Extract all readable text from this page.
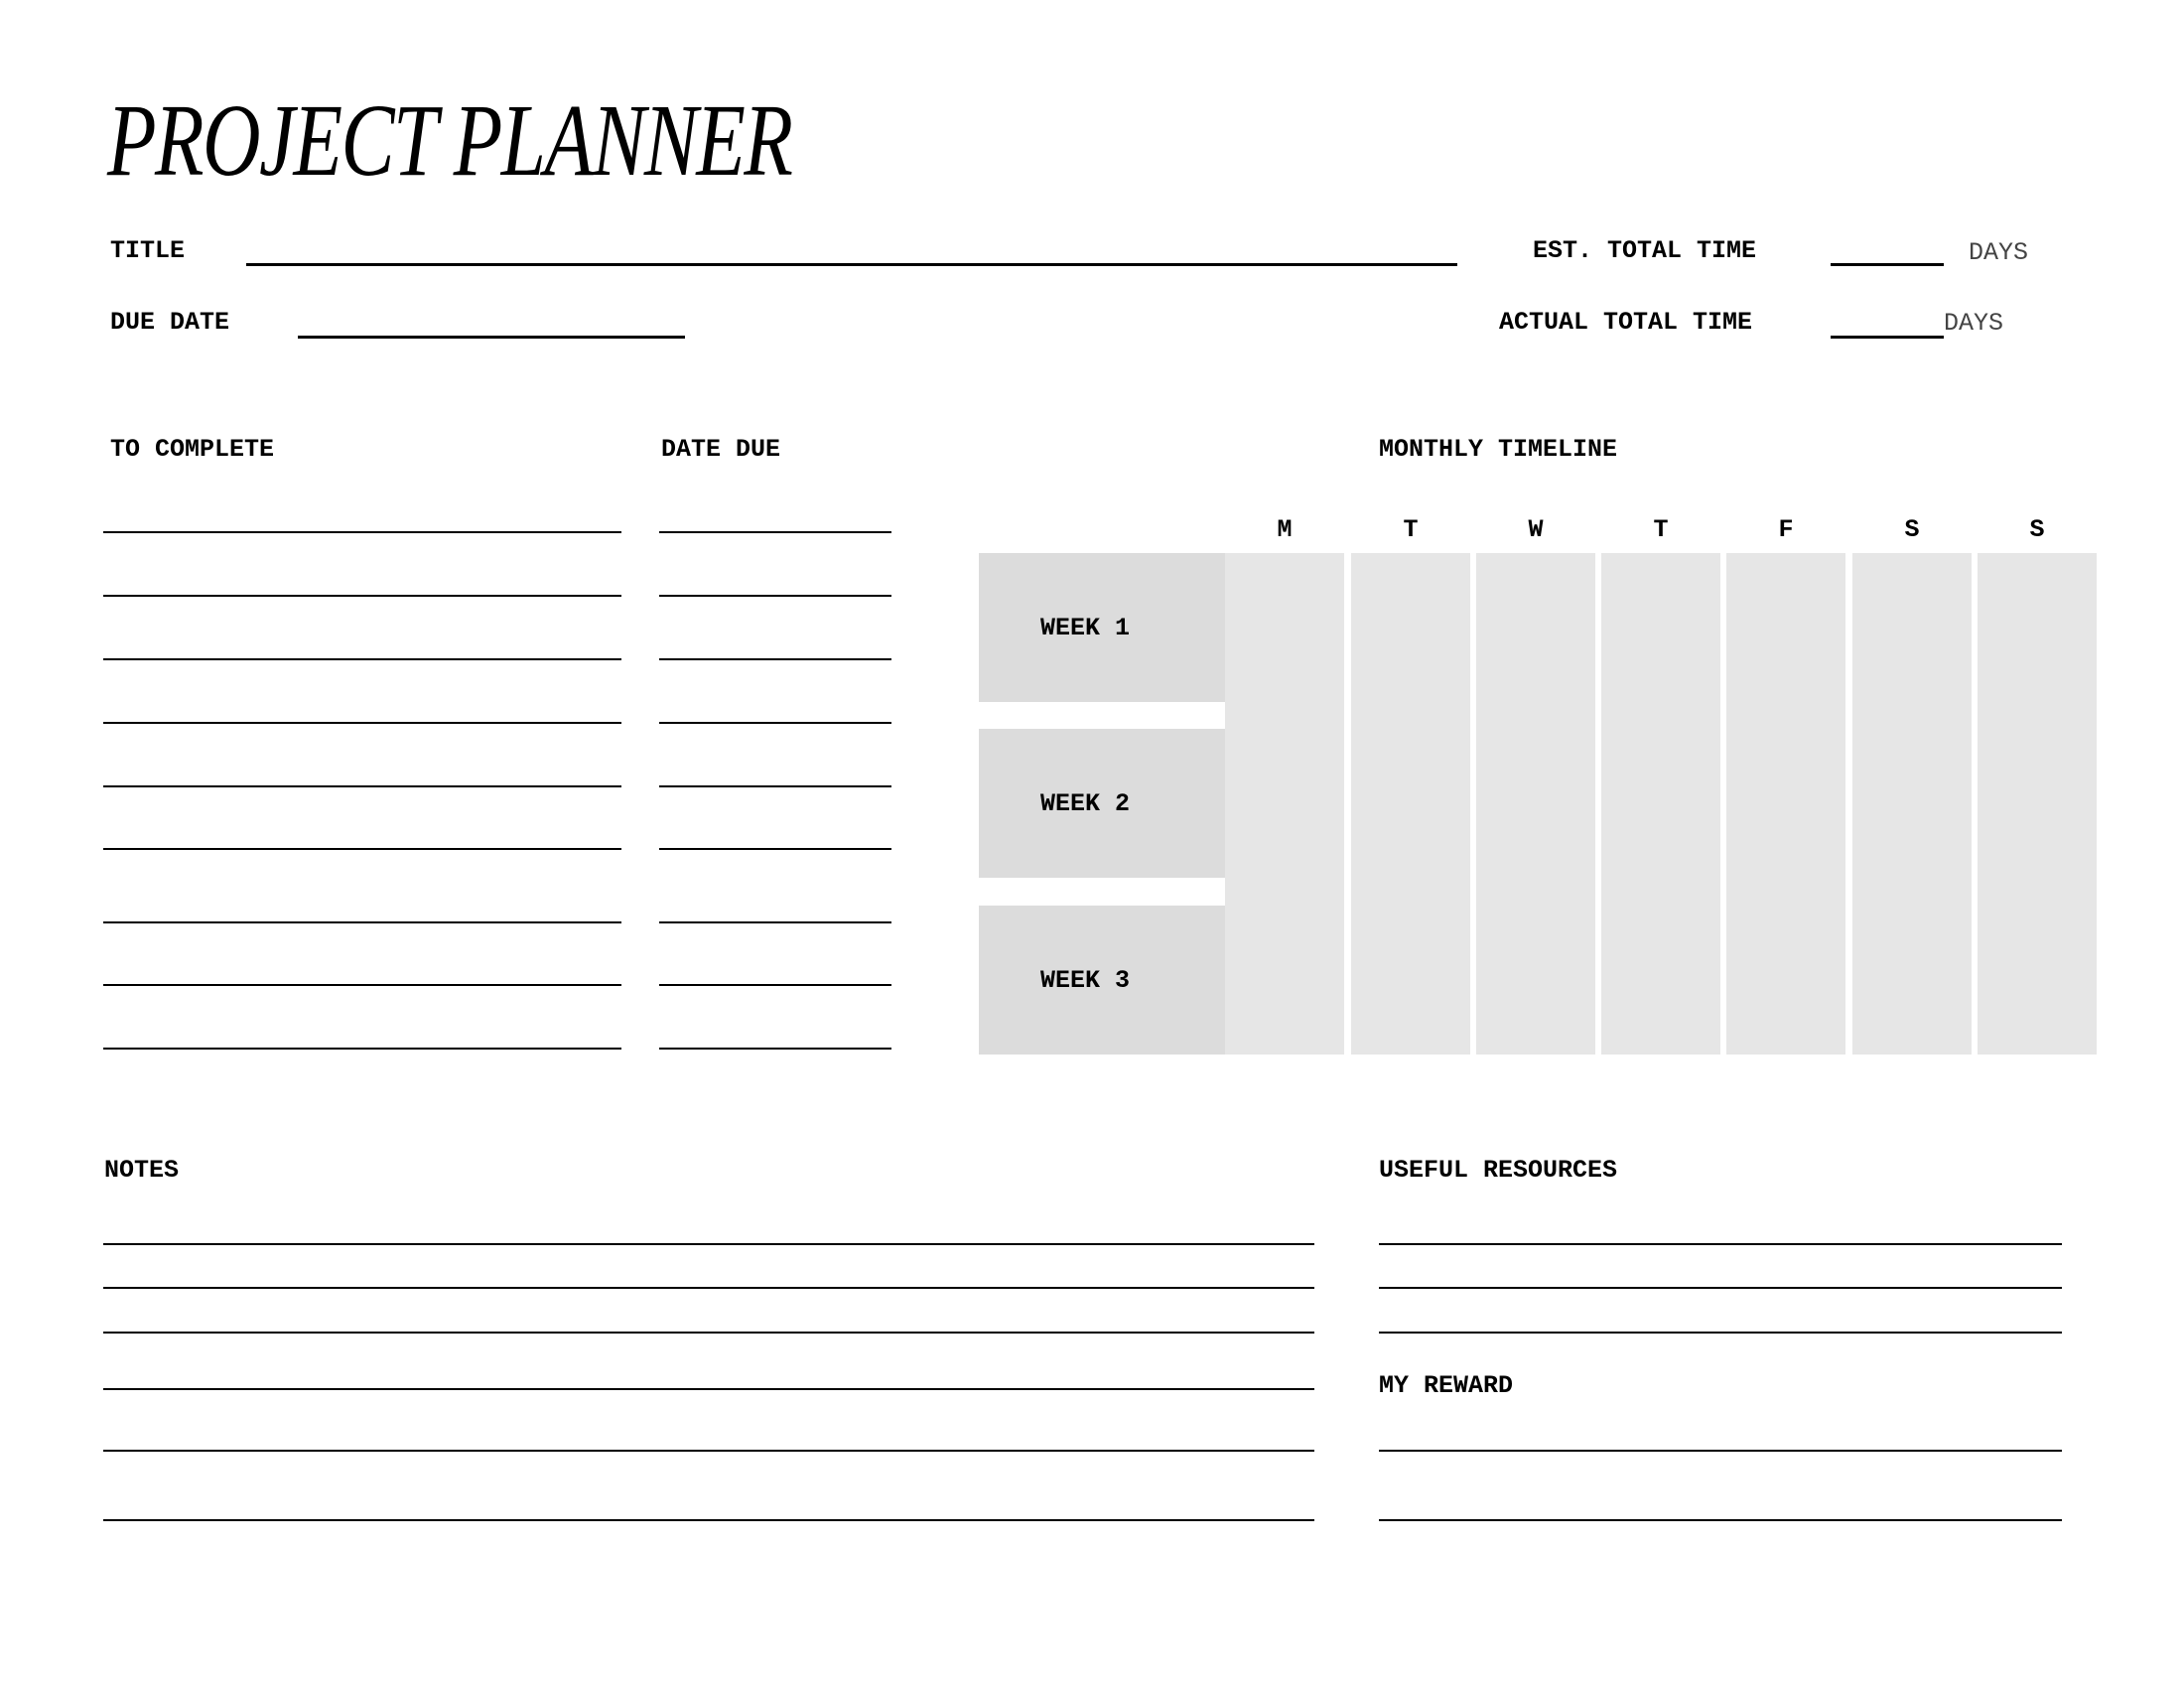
PROJECT PLANNER
TITLE
DUE DATE
EST. TOTAL TIME	DAYS
ACTUAL TOTAL TIME	DAYS
TO COMPLETE	DATE DUE	MONTHLY TIMELINE
M	T	W	T	F	S	S
WEEK 1
WEEK 2
WEEK 3
NOTES	USEFUL RESOURCES
MY REWARD
